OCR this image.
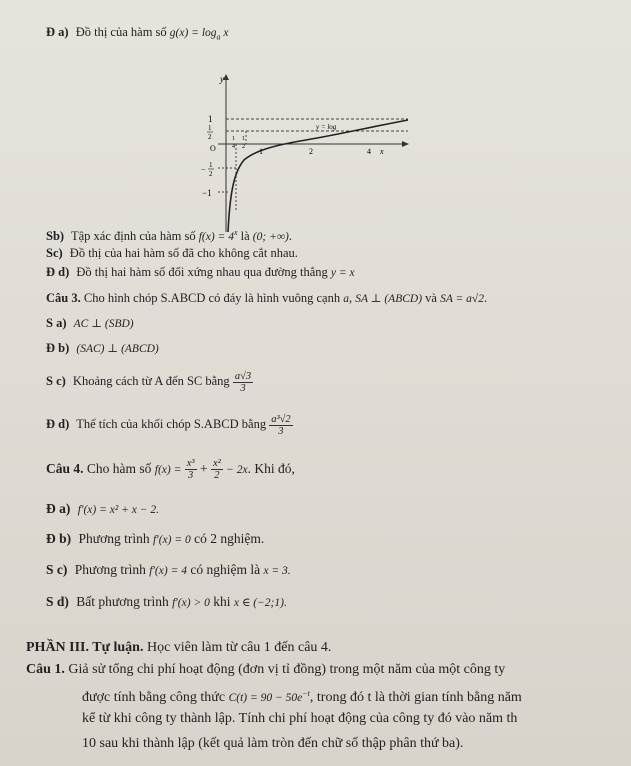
Đ a) Đồ thị của hàm số $g(x) = \log_a x$
1
1
2
O
− 1
2
−1
1
4
1
2 1	2	4 x
y
y = log
Sb) Tập xác định của hàm số $f(x) = 4^x$ là (0; +∞).
Sc) Đồ thị của hai hàm số đã cho không cắt nhau.
Đ d) Đồ thị hai hàm số đối xứng nhau qua đường thẳng y = x
Câu 3. Cho hình chóp S.ABCD có đáy là hình vuông cạnh a, SA ⊥ (ABCD) và SA = a√2.
S a) AC ⊥ (SBD)
Đ b) (SAC) ⊥ (ABCD)
S c) Khoảng cách từ A đến SC bằng $\frac{a√3}{3}$
Đ d) Thể tích của khối chóp S.ABCD bằng $\frac{\text{a³√2}}{3}$
Câu 4. Cho hàm số $f(x) = \frac{\text{x³}}{3} + \frac{\text{x²}}{2} - 2x$. Khi đó,
Đ a) f′(x) = x² + x − 2.
Đ b) Phương trình f′(x) = 0 có 2 nghiệm.
S c) Phương trình f′(x) = 4 có nghiệm là x = 3.
S d) Bất phương trình f′(x) > 0 khi x ∈ (−2;1).
PHẦN III. Tự luận. Học viên làm từ câu 1 đến câu 4.
Câu 1. Giả sử tổng chi phí hoạt động (đơn vị tỉ đồng) trong một năm của một công ty
được tính bằng công thức $C(t) = 90 - 50e^{-t}$, trong đó t là thời gian tính bằng năm
kể từ khi công ty thành lập. Tính chi phí hoạt động của công ty đó vào năm th
10 sau khi thành lập (kết quả làm tròn đến chữ số thập phân thứ ba).
